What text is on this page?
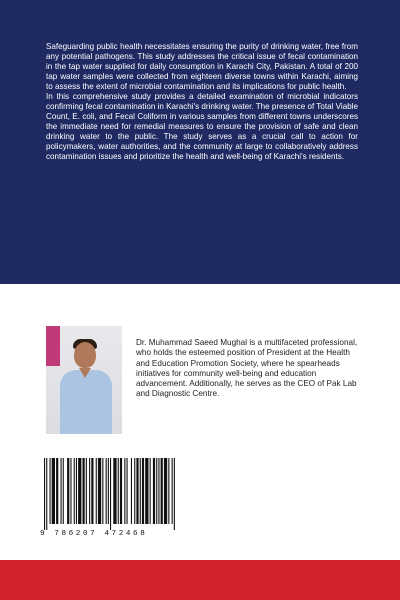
Safeguarding public health necessitates ensuring the purity of drinking water, free from any potential pathogens. This study addresses the critical issue of fecal contamination in the tap water supplied for daily consumption in Karachi City, Pakistan. A total of 200 tap water samples were collected from eighteen diverse towns within Karachi, aiming to assess the extent of microbial contamination and its implications for public health.

In this comprehensive study provides a detailed examination of microbial indicators confirming fecal contamination in Karachi's drinking water. The presence of Total Viable Count, E. coli, and Fecal Coliform in various samples from different towns underscores the immediate need for remedial measures to ensure the provision of safe and clean drinking water to the public. The study serves as a crucial call to action for policymakers, water authorities, and the community at large to collaboratively address contamination issues and prioritize the health and well-being of Karachi's residents.

Dr. Muhammad Saeed Mughal is a multifaceted professional, who holds the esteemed position of President at the Health and Education Promotion Society, where he spearheads initiatives for community well-being and education advancement. Additionally, he serves as the CEO of Pak Lab and Diagnostic Centre.

9 786207 472468
